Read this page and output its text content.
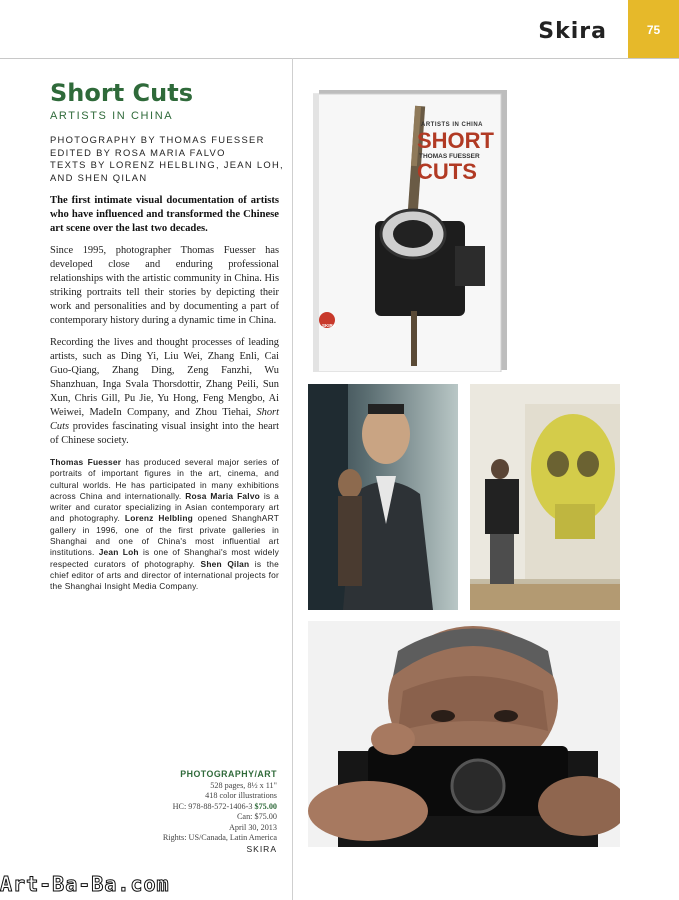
Skira	75
Short Cuts
ARTISTS IN CHINA
PHOTOGRAPHY BY THOMAS FUESSER
EDITED BY ROSA MARIA FALVO
TEXTS BY LORENZ HELBLING, JEAN LOH,
AND SHEN QILAN
The first intimate visual documentation of artists who have influenced and transformed the Chinese art scene over the last two decades.
Since 1995, photographer Thomas Fuesser has developed close and enduring professional relationships with the artistic community in China. His striking portraits tell their stories by depicting their work and personalities and by documenting a part of contemporary history during a dynamic time in China.
Recording the lives and thought processes of leading artists, such as Ding Yi, Liu Wei, Zhang Enli, Cai Guo-Qiang, Zhang Ding, Zeng Fanzhi, Wu Shanzhuan, Inga Svala Thorsdottir, Zhang Peili, Sun Xun, Chris Gill, Pu Jie, Yu Hong, Feng Mengbo, Ai Weiwei, MadeIn Company, and Zhou Tiehai, Short Cuts provides fascinating visual insight into the heart of Chinese society.
Thomas Fuesser has produced several major series of portraits of important figures in the art, cinema, and cultural worlds. He has participated in many exhibitions across China and internationally. Rosa Maria Falvo is a writer and curator specializing in Asian contemporary art and photography. Lorenz Helbling opened ShanghART gallery in 1996, one of the first private galleries in Shanghai and one of China's most influential art institutions. Jean Loh is one of Shanghai's most widely respected curators of photography. Shen Qilan is the chief editor of arts and director of international projects for the Shanghai Insight Media Company.
PHOTOGRAPHY/ART
528 pages, 8½ x 11"
418 color illustrations
HC: 978-88-572-1406-3 $75.00
Can: $75.00
April 30, 2013
Rights: US/Canada, Latin America
SKIRA
ARTISTS IN CHINA
SHORT
THOMAS FUESSER
CUTS
SKIRA
Art-Ba-Ba.com
